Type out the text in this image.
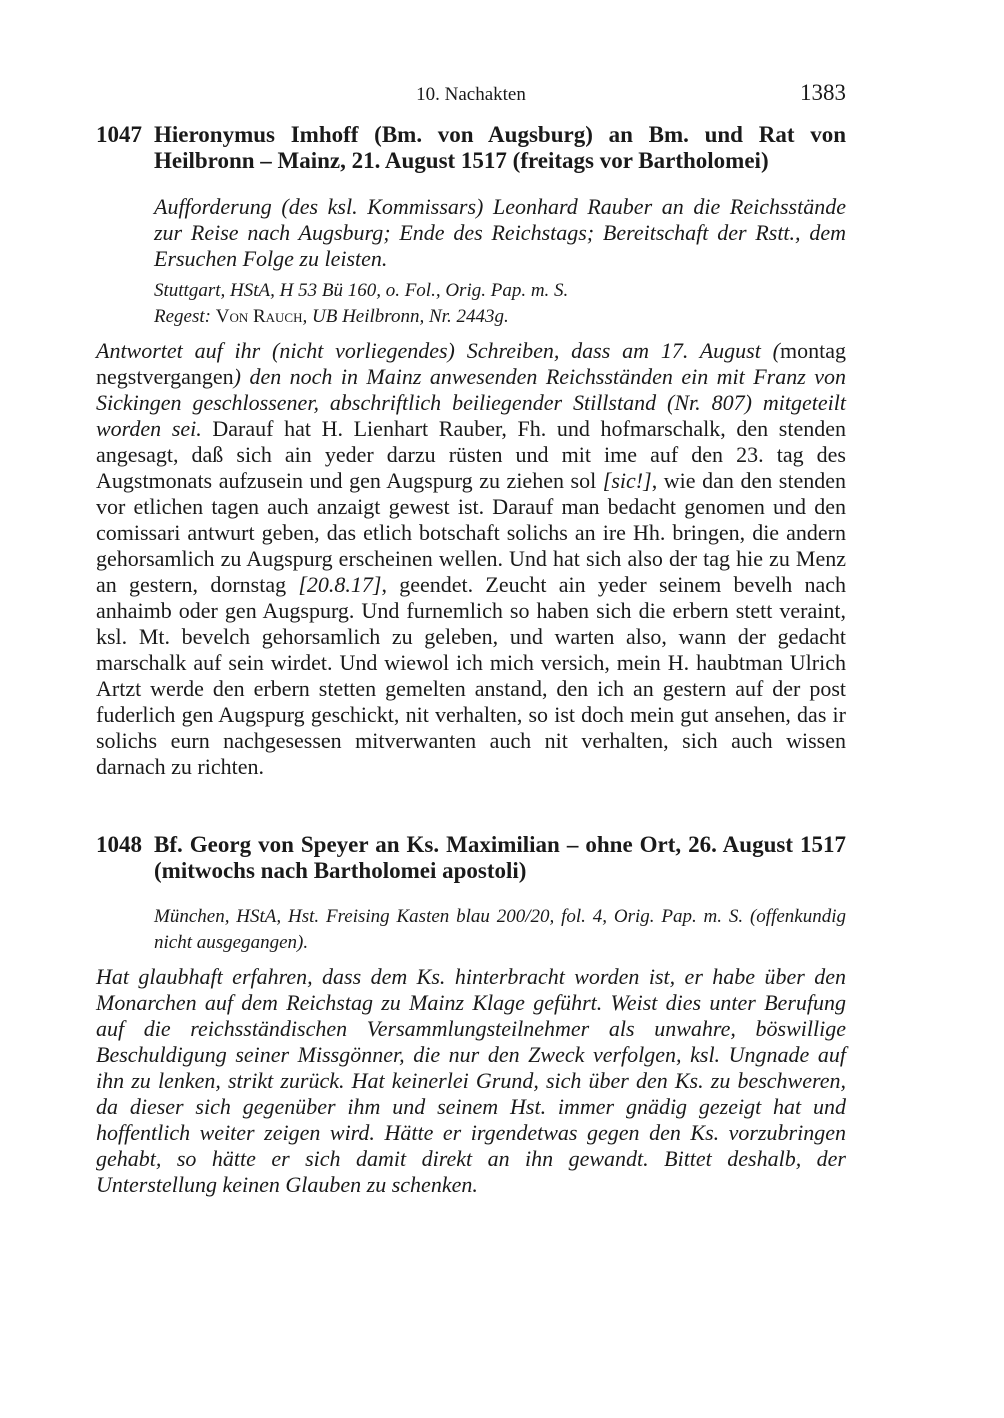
10. Nachakten	1383
1047 Hieronymus Imhoff (Bm. von Augsburg) an Bm. und Rat von Heilbronn – Mainz, 21. August 1517 (freitags vor Bartholomei)
Aufforderung (des ksl. Kommissars) Leonhard Rauber an die Reichsstände zur Reise nach Augsburg; Ende des Reichstags; Bereitschaft der Rstt., dem Ersuchen Folge zu leisten.
Stuttgart, HStA, H 53 Bü 160, o. Fol., Orig. Pap. m. S.
Regest: Von Rauch, UB Heilbronn, Nr. 2443g.
Antwortet auf ihr (nicht vorliegendes) Schreiben, dass am 17. August (montag negstvergangen) den noch in Mainz anwesenden Reichsständen ein mit Franz von Sickingen geschlossener, abschriftlich beiliegender Stillstand (Nr. 807) mitgeteilt worden sei. Darauf hat H. Lienhart Rauber, Fh. und hofmarschalk, den stenden angesagt, daß sich ain yeder darzu rüsten und mit ime auf den 23. tag des Augstmonats aufzusein und gen Augspurg zu ziehen sol [sic!], wie dan den stenden vor etlichen tagen auch anzaigt gewest ist. Darauf man bedacht genomen und den comissari antwurt geben, das etlich botschaft solichs an ire Hh. bringen, die andern gehorsamlich zu Augspurg erscheinen wellen. Und hat sich also der tag hie zu Menz an gestern, dornstag [20.8.17], geendet. Zeucht ain yeder seinem bevelh nach anhaimb oder gen Augspurg. Und furnemlich so haben sich die erbern stett veraint, ksl. Mt. bevelch gehorsamlich zu geleben, und warten also, wann der gedacht marschalk auf sein wirdet. Und wiewol ich mich versich, mein H. haubtman Ulrich Artzt werde den erbern stetten gemelten anstand, den ich an gestern auf der post fuderlich gen Augspurg geschickt, nit verhalten, so ist doch mein gut ansehen, das ir solichs eurn nachgesessen mitverwanten auch nit verhalten, sich auch wissen darnach zu richten.
1048 Bf. Georg von Speyer an Ks. Maximilian – ohne Ort, 26. August 1517 (mitwochs nach Bartholomei apostoli)
München, HStA, Hst. Freising Kasten blau 200/20, fol. 4, Orig. Pap. m. S. (offenkundig nicht ausgegangen).
Hat glaubhaft erfahren, dass dem Ks. hinterbracht worden ist, er habe über den Monarchen auf dem Reichstag zu Mainz Klage geführt. Weist dies unter Berufung auf die reichsständischen Versammlungsteilnehmer als unwahre, böswillige Beschuldigung seiner Missgönner, die nur den Zweck verfolgen, ksl. Ungnade auf ihn zu lenken, strikt zurück. Hat keinerlei Grund, sich über den Ks. zu beschweren, da dieser sich gegenüber ihm und seinem Hst. immer gnädig gezeigt hat und hoffentlich weiter zeigen wird. Hätte er irgendetwas gegen den Ks. vorzubringen gehabt, so hätte er sich damit direkt an ihn gewandt. Bittet deshalb, der Unterstellung keinen Glauben zu schenken.
